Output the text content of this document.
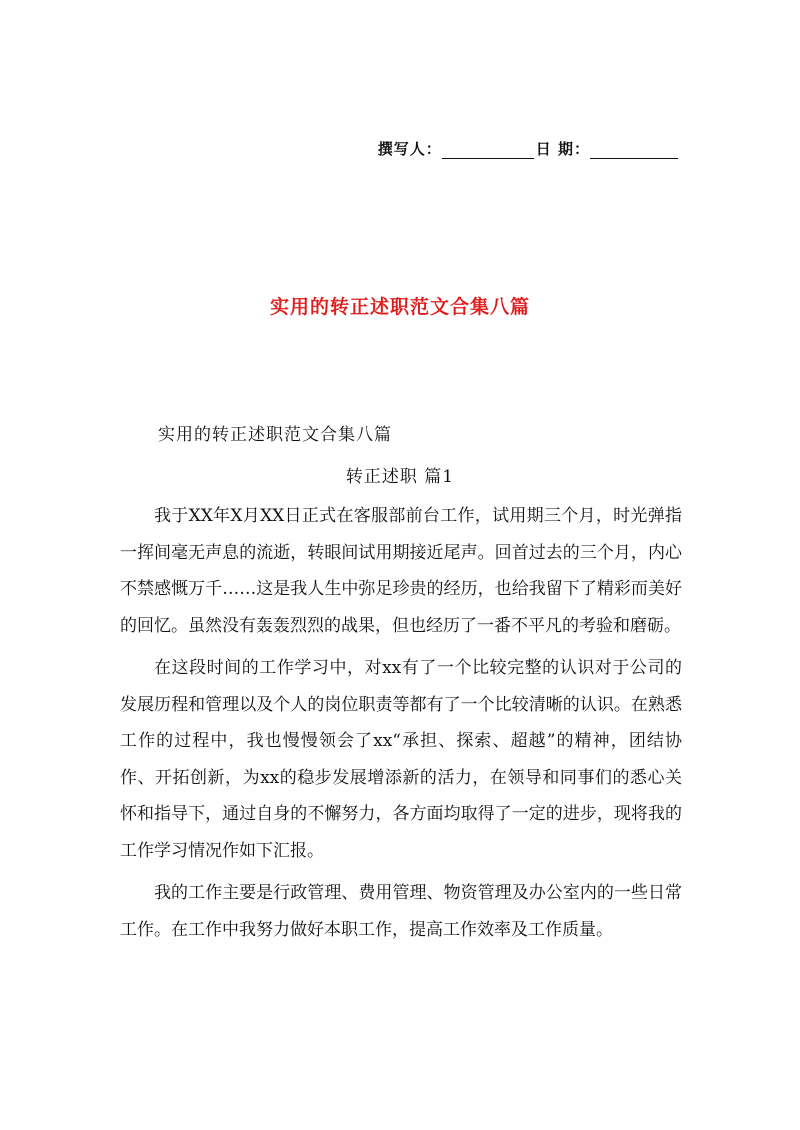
撰写人：	日 期：
实用的转正述职范文合集八篇
实用的转正述职范文合集八篇
转正述职 篇1

我于XX年X月XX日正式在客服部前台工作，试用期三个月，时光弹指一挥间毫无声息的流逝，转眼间试用期接近尾声。回首过去的三个月，内心不禁感慨万千……这是我人生中弥足珍贵的经历，也给我留下了精彩而美好的回忆。虽然没有轰轰烈烈的战果，但也经历了一番不平凡的考验和磨砺。

在这段时间的工作学习中，对xx有了一个比较完整的认识对于公司的发展历程和管理以及个人的岗位职责等都有了一个比较清晰的认识。在熟悉工作的过程中，我也慢慢领会了xx“承担、探索、超越”的精神，团结协作、开拓创新，为xx的稳步发展增添新的活力，在领导和同事们的悉心关怀和指导下，通过自身的不懈努力，各方面均取得了一定的进步，现将我的工作学习情况作如下汇报。

我的工作主要是行政管理、费用管理、物资管理及办公室内的一些日常工作。在工作中我努力做好本职工作，提高工作效率及工作质量。
